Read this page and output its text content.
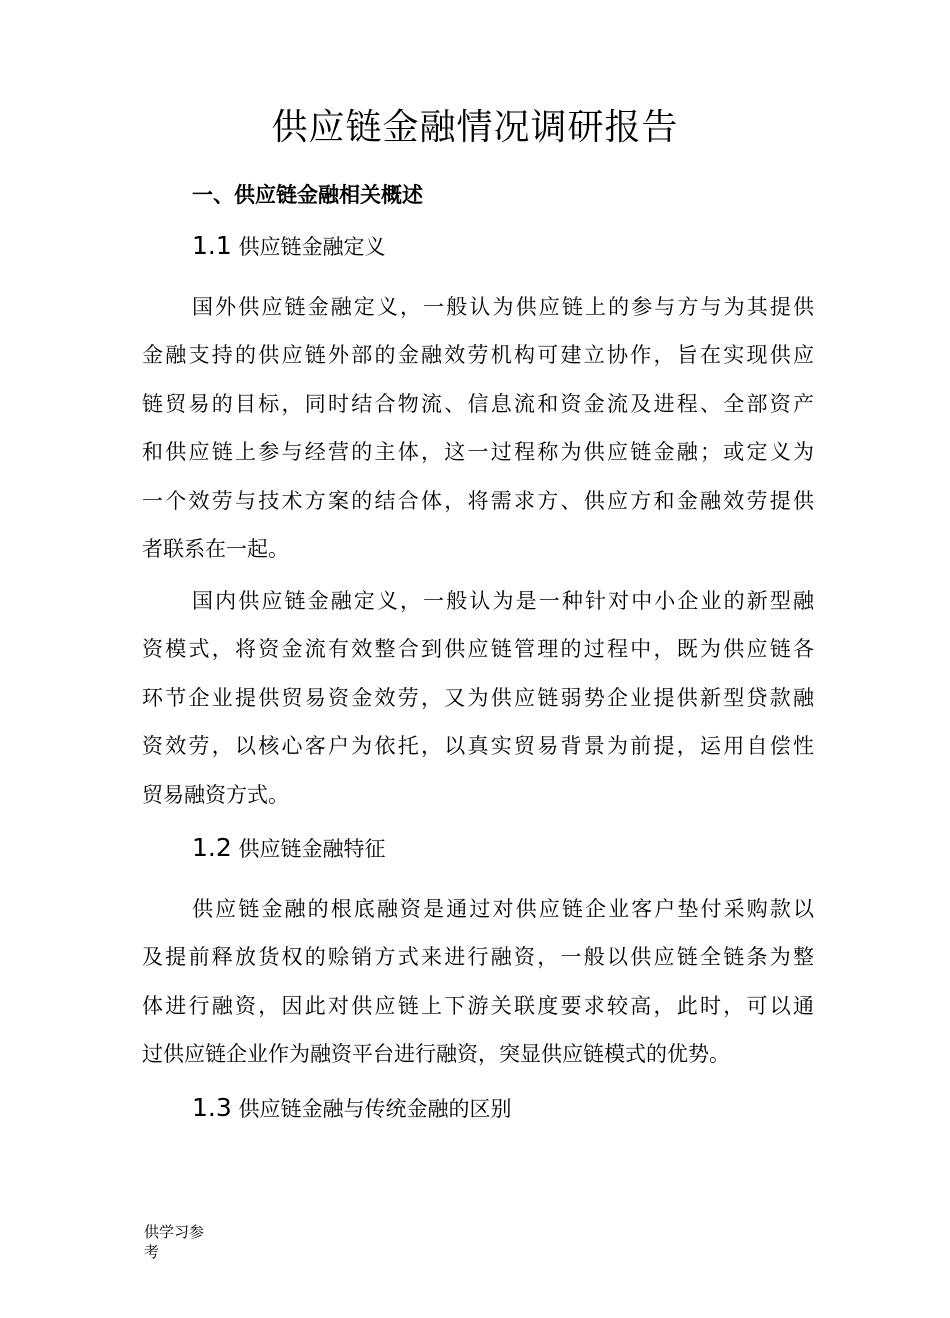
供应链金融情况调研报告
一、供应链金融相关概述
1.1 供应链金融定义
国外供应链金融定义，一般认为供应链上的参与方与为其提供
金融支持的供应链外部的金融效劳机构可建立协作，旨在实现供应
链贸易的目标，同时结合物流、信息流和资金流及进程、全部资产
和供应链上参与经营的主体，这一过程称为供应链金融；或定义为
一个效劳与技术方案的结合体，将需求方、供应方和金融效劳提供
者联系在一起。
国内供应链金融定义，一般认为是一种针对中小企业的新型融
资模式，将资金流有效整合到供应链管理的过程中，既为供应链各
环节企业提供贸易资金效劳，又为供应链弱势企业提供新型贷款融
资效劳，以核心客户为依托，以真实贸易背景为前提，运用自偿性
贸易融资方式。
1.2 供应链金融特征
供应链金融的根底融资是通过对供应链企业客户垫付采购款以
及提前释放货权的赊销方式来进行融资，一般以供应链全链条为整
体进行融资，因此对供应链上下游关联度要求较高，此时，可以通
过供应链企业作为融资平台进行融资，突显供应链模式的优势。
1.3 供应链金融与传统金融的区别

供学习参
考
